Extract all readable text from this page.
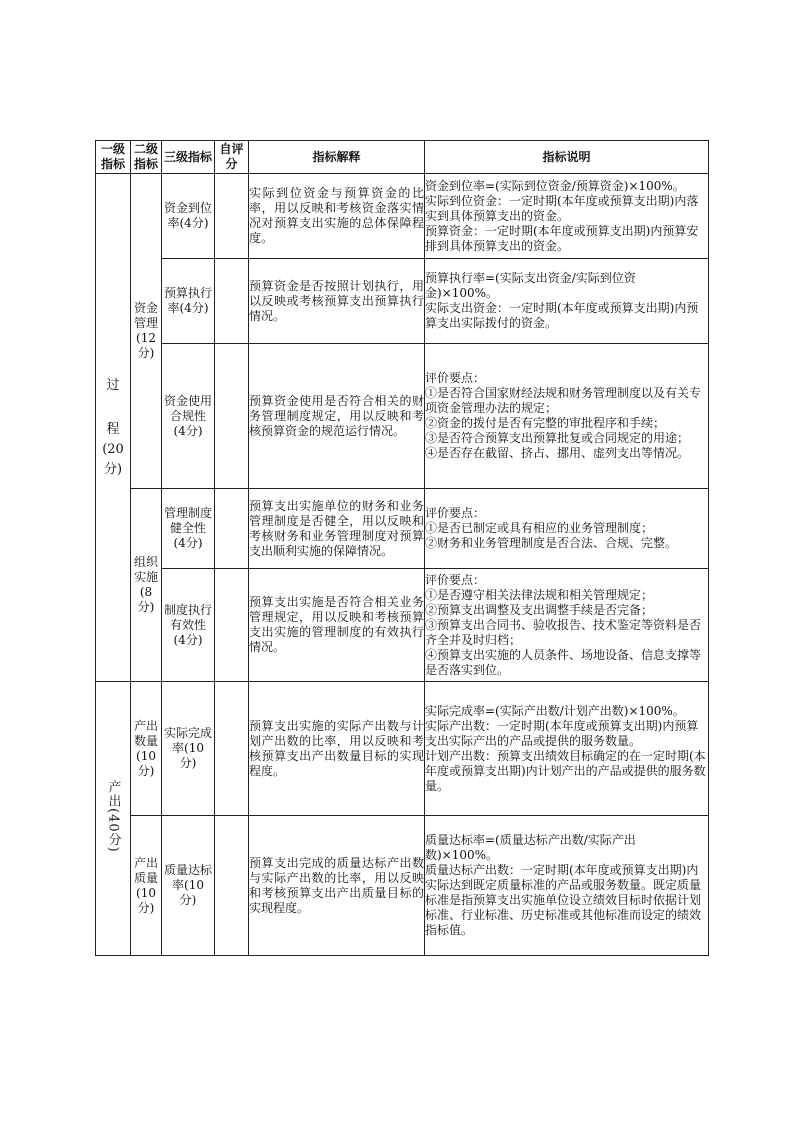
一级指标	二级指标	三级指标	自评分	指标解释	指标说明

过
程(20分)	资金管理(12分)	资金到位率(4分)		实际到位资金与预算资金的比率，用以反映和考核资金落实情况对预算支出实施的总体保障程度。	资金到位率=(实际到位资金/预算资金)×100%。
实际到位资金：一定时期(本年度或预算支出期)内落实到具体预算支出的资金。
预算资金：一定时期(本年度或预算支出期)内预算安排到具体预算支出的资金。

		预算执行率(4分)		预算资金是否按照计划执行，用以反映或考核预算支出预算执行情况。	预算执行率=(实际支出资金/实际到位资金)×100%。
实际支出资金：一定时期(本年度或预算支出期)内预算支出实际拨付的资金。

		资金使用合规性(4分)		预算资金使用是否符合相关的财务管理制度规定，用以反映和考核预算资金的规范运行情况。	评价要点：
①是否符合国家财经法规和财务管理制度以及有关专项资金管理办法的规定；
②资金的拨付是否有完整的审批程序和手续；
③是否符合预算支出预算批复或合同规定的用途；
④是否存在截留、挤占、挪用、虚列支出等情况。

	组织实施(8分)	管理制度健全性(4分)		预算支出实施单位的财务和业务管理制度是否健全，用以反映和考核财务和业务管理制度对预算支出顺利实施的保障情况。	评价要点：
①是否已制定或具有相应的业务管理制度；
②财务和业务管理制度是否合法、合规、完整。

		制度执行有效性(4分)		预算支出实施是否符合相关业务管理规定，用以反映和考核预算支出实施的管理制度的有效执行情况。	评价要点：
①是否遵守相关法律法规和相关管理规定；
②预算支出调整及支出调整手续是否完备；
③预算支出合同书、验收报告、技术鉴定等资料是否齐全并及时归档；
④预算支出实施的人员条件、场地设备、信息支撑等是否落实到位。

产出(40分)	产出数量(10分)	实际完成率(10分)		预算支出实施的实际产出数与计划产出数的比率，用以反映和考核预算支出产出数量目标的实现程度。	实际完成率=(实际产出数/计划产出数)×100%。
实际产出数：一定时期(本年度或预算支出期)内预算支出实际产出的产品或提供的服务数量。
计划产出数：预算支出绩效目标确定的在一定时期(本年度或预算支出期)内计划产出的产品或提供的服务数量。

	产出质量(10分)	质量达标率(10分)		预算支出完成的质量达标产出数与实际产出数的比率，用以反映和考核预算支出产出质量目标的实现程度。	质量达标率=(质量达标产出数/实际产出数)×100%。
质量达标产出数：一定时期(本年度或预算支出期)内实际达到既定质量标准的产品或服务数量。既定质量标准是指预算支出实施单位设立绩效目标时依据计划标准、行业标准、历史标准或其他标准而设定的绩效指标值。
